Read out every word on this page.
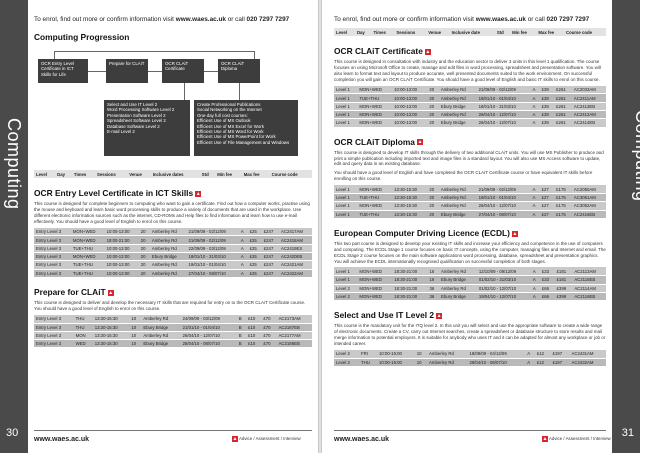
Computing
30
To enrol, find out more or confirm information visit www.waes.ac.uk or call 020 7297 7297
Computing Progression
OCR Entry Level Certificate in ICT Skills for Life
Prepare for CLAiT	OCR CLAiT Certificate
OCR CLAiT Diploma
Select and Use IT Level 2
Word Processing Software Level 2
Presentation Software Level 2
Spreadsheet Software Level 2
Database Software Level 2
E-mail Level 2
Create Professional Publications
Social Networking on the Internet
One-day full cost courses:
Efficient Use of MS Outlook
Efficient Use of MS Excel for Work
Efficient Use of MS Word for Work
Efficient Use of MS PowerPoint for Work
Efficient Use of File Management and Windows
Level	Day	Times	Sessions	Venue	Inclusive dates	Std	Min fee	Max fee	Course code
OCR Entry Level Certificate in ICT Skills ▲

This course is designed for complete beginners to computing who want to gain a certificate. Find out how a computer works, practise using the mouse and keyboard and learn basic word processing skills to produce a variety of documents that are used in the workplace. Use different electronic information sources such as the internet, CD-ROMs and Help files to find information and learn how to use e-mail effectively. You should have a good level of English to enrol on this course.

Entry Level 3	MON+WED	10:00-13:00	20	Amberley Rd	21/09/09 - 02/12/09	A	£25	£247	AC2417AM
Entry Level 3	MON+WED	18:00-21:00	20	Amberley Rd	21/09/09 - 02/12/09	A	£25	£247	AC2418AM
Entry Level 3	TUE+THU	10:00-13:00	20	Amberley Rd	22/09/09 - 03/12/09	A	£25	£247	AC2419ES
Entry Level 3	MON+WED	10:00-13:00	20	Ebury Bridge	18/01/10 - 31/03/10	A	£25	£247	AC2420EB
Entry Level 3	TUE+THU	10:00-13:00	20	Amberley Rd	19/01/10 - 01/04/10	A	£25	£247	AC2421AM
Entry Level 3	TUE+THU	10:00-13:00	20	Amberley Rd	27/04/10 - 08/07/10	A	£25	£247	AC2422AM
Prepare for CLAiT ▲

This course is designed to deliver and develop the necessary IT skills that are required for entry on to the OCR CLAiT Certificate course. You should have a good level of English to enrol on this course.

Entry Level 3	THU	13:30-15:30	10	Amberley Rd	24/09/09 - 03/12/09	B	£10	£70	AC2173AM
Entry Level 3	THU	13:30-15:30	10	Ebury Bridge	21/01/10 - 01/04/10	B	£10	£70	AC2187EB
Entry Level 3	MON	13:30-15:30	10	Amberley Rd	26/04/10 - 12/07/10	B	£10	£70	AC2177AM
Entry Level 3	WED	13:30-15:30	10	Ebury Bridge	28/04/10 - 08/07/10	B	£10	£70	AC2186EB
www.waes.ac.uk	▲ Advice / Assessment / Interview
Computing
31
To enrol, find out more or confirm information visit www.waes.ac.uk or call 020 7297 7297
Level	Day	Times	Sessions	Venue	Inclusive date	Std	Min fee	Max fee	Course code
OCR CLAiT Certificate ▲

This course is designed in consultation with industry and the education sector to deliver 3 units in this level 1 qualification. The course focuses on using Microsoft Office to create, manage and edit files in word processing, spreadsheet and presentation software. You will also learn to format text and layout to produce accurate, well presented documents suited to the work environment. On successful completion you will gain an OCR CLAiT Certificate. You should have a good level of English and basic IT skills to enrol on this course.

Level 1	MON+WED	10:00-13:00	20	Amberley Rd	21/09/09 - 02/12/09	A	£39	£261	AC2033AM
Level 1	TUE+THU	10:00-13:00	20	Amberley Rd	19/01/10 - 01/04/10	A	£39	£261	AC2411AM
Level 1	MON+WED	10:00-13:00	20	Ebury Bridge	18/01/10 - 31/03/10	A	£39	£261	AC2413EB
Level 1	MON+WED	10:00-13:00	20	Amberley Rd	26/04/10 - 12/07/10	A	£39	£261	AC2412AM
Level 1	MON+WED	10:00-13:00	20	Ebury Bridge	26/04/10 - 12/07/10	A	£39	£261	AC2414EB
OCR CLAiT Diploma ▲

This course is designed to develop IT skills through the delivery of two additional CLAiT units. You will use MS Publisher to produce and print a simple publication including imported text and image files in a standard layout. You will also use MS Access software to update, edit and query data in an existing database.

You should have a good level of English and have completed the OCR CLAiT Certificate course or have equivalent IT skills before enrolling on this course.

Level 1	MON+WED	13:30-15:30	20	Amberley Rd	21/09/09 - 02/12/09	A	£27	£175	AC2050AM
Level 1	TUE+THU	13:30-15:30	20	Amberley Rd	19/01/10 - 01/04/10	A	£27	£175	AC3051AM
Level 1	MON+WED	13:30-15:30	20	Amberley Rd	26/04/10 - 12/07/10	A	£27	£175	AC3052AM
Level 1	TUE+THU	13:30-15:30	20	Ebury Bridge	27/04/10 - 08/07/10	A	£27	£175	AC2416EB
European Computer Driving Licence (ECDL) ▲

This two part course is designed to develop your existing IT skills and increase your efficiency and competence in the use of computers and computing. The ECDL Stage 1 course focuses on basic IT concepts, using the computer, managing files and Internet and email. The ECDL Stage 2 course focuses on the main software applications word processing, database, spreadsheet and presentation graphics. You will achieve the ECDL internationally recognised qualification on successful completion of both stages.

Level 1	MON+WED	18:30-21:00	16	Amberley Rd	12/10/09 - 09/12/09	A	£33	£181	AC2113AM
Level 1	MON+WED	18:30-21:00	16	Ebury Bridge	01/02/10 - 31/03/10	A	£33	£181	AC2115EB
Level 2	MON+WED	18:30-21:00	36	Amberley Rd	01/02/10 - 12/07/10	A	£66	£399	AC2114AM
Level 2	MON+WED	18:30-21:00	36	Ebury Bridge	19/04/10 - 12/07/10	A	£66	£399	AC2116EB
Select and Use IT Level 2 ▲

This course is the mandatory unit for the ITQ level 2. In this unit you will select and use the appropriate software to create a wide range of electronic documents. Create a CV, carry out Internet searches, create a spreadsheet or database structure to store results and mail merge information to potential employers. It is suitable for anybody who uses IT and it can be adapted for almost any workplace or job or intended career.

Level 2	FRI	10:00-15:00	10	Amberley Rd	18/09/09 - 04/12/09	A	£12	£197	AC2431AM
Level 2	THU	10:00-15:00	10	Amberley Rd	29/04/10 - 08/07/10	A	£12	£197	AC2432AM
www.waes.ac.uk	▲ Advice / Assessment / Interview
